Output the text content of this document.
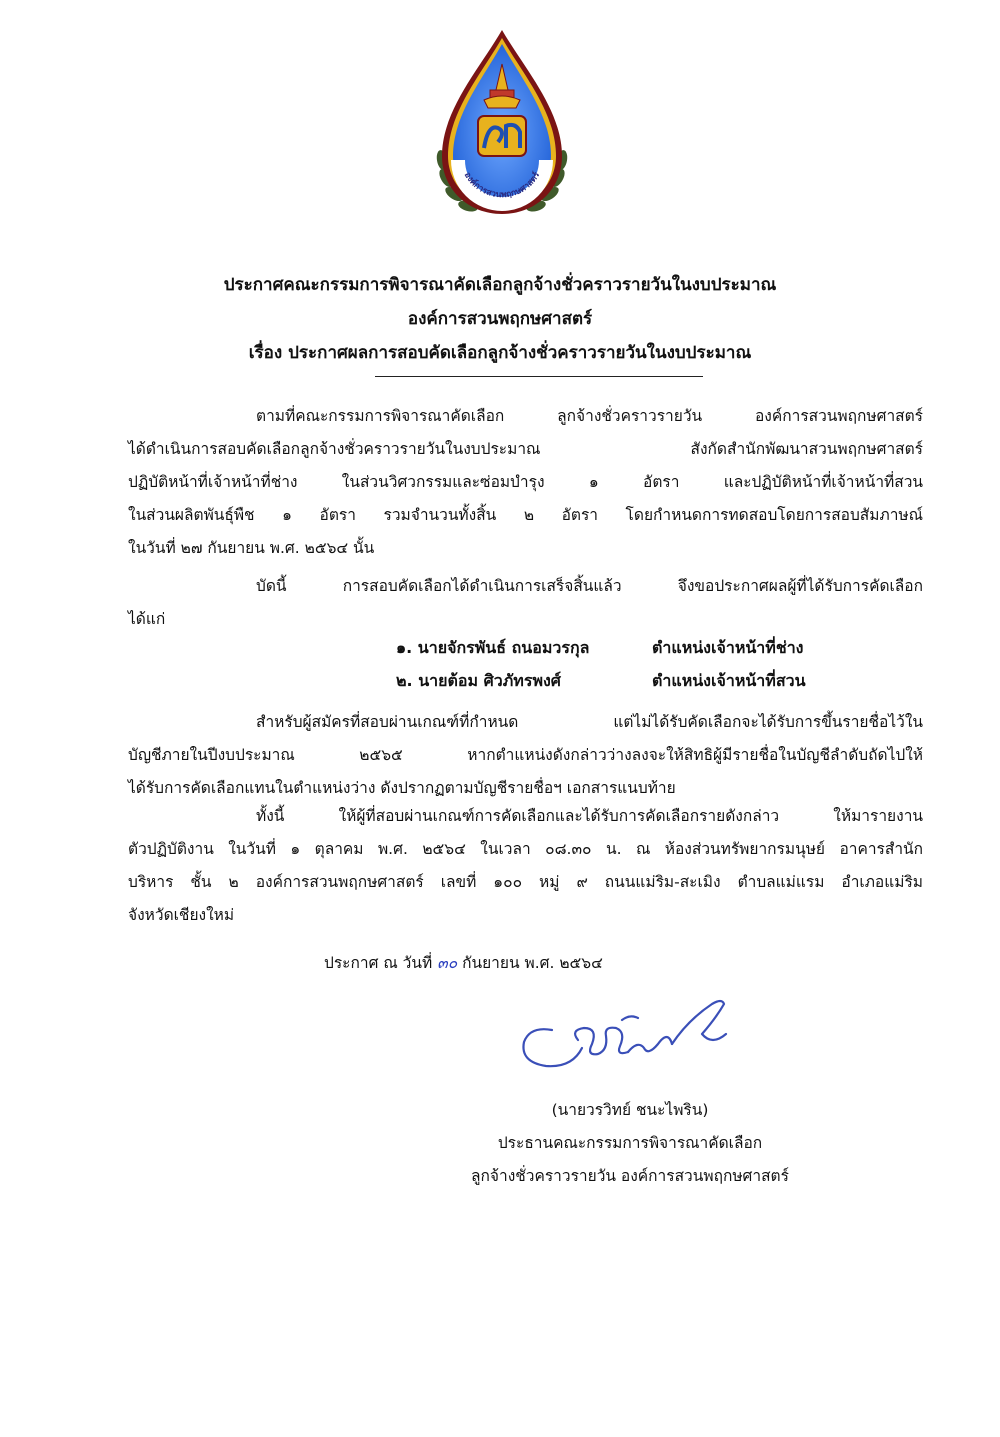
องค์การสวนพฤกษศาสตร์
ประกาศคณะกรรมการพิจารณาคัดเลือกลูกจ้างชั่วคราวรายวันในงบประมาณ
องค์การสวนพฤกษศาสตร์
เรื่อง ประกาศผลการสอบคัดเลือกลูกจ้างชั่วคราวรายวันในงบประมาณ
ตามที่คณะกรรมการพิจารณาคัดเลือก ลูกจ้างชั่วคราวรายวัน องค์การสวนพฤกษศาสตร์
ได้ดำเนินการสอบคัดเลือกลูกจ้างชั่วคราวรายวันในงบประมาณ สังกัดสำนักพัฒนาสวนพฤกษศาสตร์
ปฏิบัติหน้าที่เจ้าหน้าที่ช่าง ในส่วนวิศวกรรมและซ่อมบำรุง ๑ อัตรา และปฏิบัติหน้าที่เจ้าหน้าที่สวน
ในส่วนผลิตพันธุ์พืช ๑ อัตรา รวมจำนวนทั้งสิ้น ๒ อัตรา โดยกำหนดการทดสอบโดยการสอบสัมภาษณ์
ในวันที่ ๒๗ กันยายน พ.ศ. ๒๕๖๔ นั้น
บัดนี้ การสอบคัดเลือกได้ดำเนินการเสร็จสิ้นแล้ว จึงขอประกาศผลผู้ที่ได้รับการคัดเลือก
ได้แก่
๑. นายจักรพันธ์ ถนอมวรกุล	ตำแหน่งเจ้าหน้าที่ช่าง
๒. นายต้อม ศิวภัทรพงศ์	ตำแหน่งเจ้าหน้าที่สวน
สำหรับผู้สมัครที่สอบผ่านเกณฑ์ที่กำหนด แต่ไม่ได้รับคัดเลือกจะได้รับการขึ้นรายชื่อไว้ใน
บัญชีภายในปีงบประมาณ ๒๕๖๕ หากตำแหน่งดังกล่าวว่างลงจะให้สิทธิผู้มีรายชื่อในบัญชีลำดับถัดไปให้
ได้รับการคัดเลือกแทนในตำแหน่งว่าง ดังปรากฏตามบัญชีรายชื่อฯ เอกสารแนบท้าย
ทั้งนี้ ให้ผู้ที่สอบผ่านเกณฑ์การคัดเลือกและได้รับการคัดเลือกรายดังกล่าว ให้มารายงาน
ตัวปฏิบัติงาน ในวันที่ ๑ ตุลาคม พ.ศ. ๒๕๖๔ ในเวลา ๐๘.๓๐ น. ณ ห้องส่วนทรัพยากรมนุษย์ อาคารสำนัก
บริหาร ชั้น ๒ องค์การสวนพฤกษศาสตร์ เลขที่ ๑๐๐ หมู่ ๙ ถนนแม่ริม-สะเมิง ตำบลแม่แรม อำเภอแม่ริม
จังหวัดเชียงใหม่
ประกาศ ณ วันที่ ๓๐ กันยายน พ.ศ. ๒๕๖๔
(นายวรวิทย์ ชนะไพริน)
ประธานคณะกรรมการพิจารณาคัดเลือก
ลูกจ้างชั่วคราวรายวัน องค์การสวนพฤกษศาสตร์
